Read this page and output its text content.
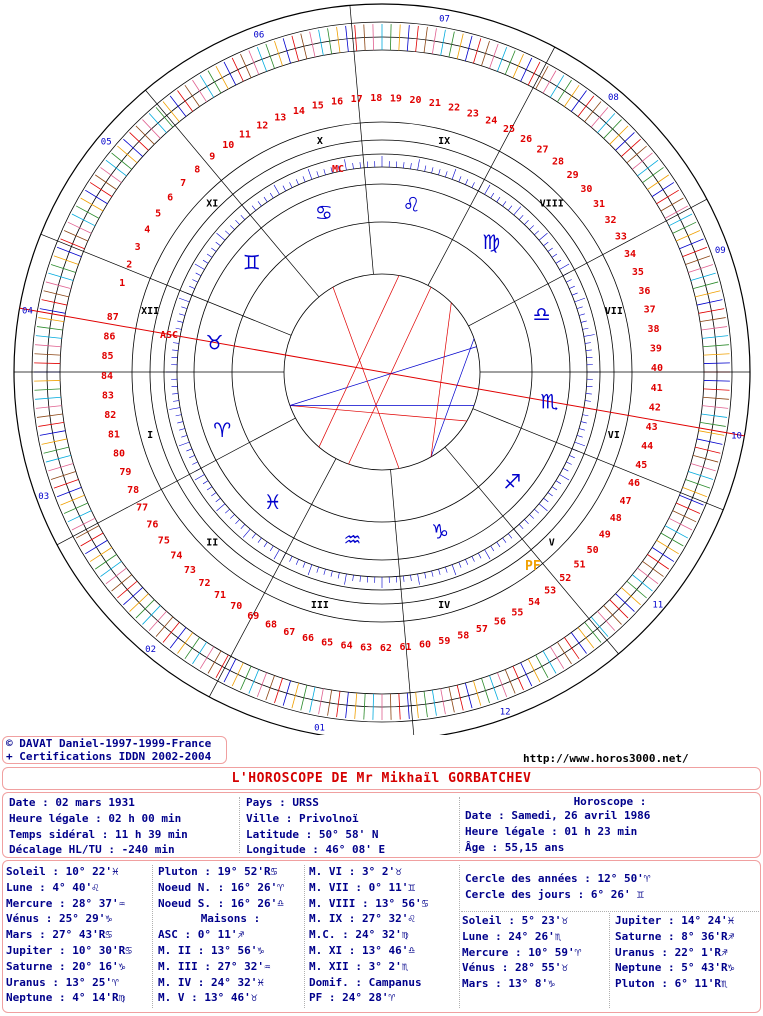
♈
♉
♊
♋	♌
♍
♎
♏
♐
♑
♒
♓
I
II
III	IV
V
VI
VII
VIII
IX
X
XI
XII
1
2
3
4
5
6
7
8
9
10
11
12
13
14 15 16 17 18 19 20 21 22
23
24
25
26
27
28
29
30
31
32
33
34
35
36
37
38
39
40
41
42
43
44
45
46
47
48
49
50
51
52
53
54
55
56
57
58
59
60
61
62
63
64
65
66
67
68
69
70
71
72
73
74
75
76
77
78
79
80
81
82
83
84
85
86
87
ASC
MC
PF
01
02
03
04
05
06
07
08
09
10
11
12
© DAVAT Daniel-1997-1999-France
+ Certifications IDDN 2002-2004	http://www.horos3000.net/
L'HOROSCOPE DE Mr Mikhaïl GORBATCHEV
Date : 02 mars 1931
Heure légale : 02 h 00 min
Temps sidéral : 11 h 39 min
Décalage HL/TU : -240 min
Pays : URSS
Ville : Privolnoï
Latitude : 50° 58' N
Longitude : 46° 08' E
Horoscope :
Date : Samedi, 26 avril 1986
Heure légale : 01 h 23 min
Âge : 55,15 ans
Soleil : 10° 22'♓
Lune : 4° 40'♌
Mercure : 28° 37'♒
Vénus : 25° 29'♑
Mars : 27° 43'R♋
Jupiter : 10° 30'R♋
Saturne : 20° 16'♑
Uranus : 13° 25'♈
Neptune : 4° 14'R♍
Pluton : 19° 52'R♋
Noeud N. : 16° 26'♈
Noeud S. : 16° 26'♎
Maisons :
ASC : 0° 11'♐
M. II : 13° 56'♑
M. III : 27° 32'♒
M. IV : 24° 32'♓
M. V : 13° 46'♉
M. VI : 3° 2'♉
M. VII : 0° 11'♊
M. VIII : 13° 56'♋
M. IX : 27° 32'♌
M.C. : 24° 32'♍
M. XI : 13° 46'♎
M. XII : 3° 2'♏
Domif. : Campanus
PF : 24° 28'♈
Cercle des années : 12° 50'♈
Cercle des jours : 6° 26' ♊
Soleil : 5° 23'♉
Lune : 24° 26'♏
Mercure : 10° 59'♈
Vénus : 28° 55'♉
Mars : 13° 8'♑
Jupiter : 14° 24'♓
Saturne : 8° 36'R♐
Uranus : 22° 1'R♐
Neptune : 5° 43'R♑
Pluton : 6° 11'R♏
